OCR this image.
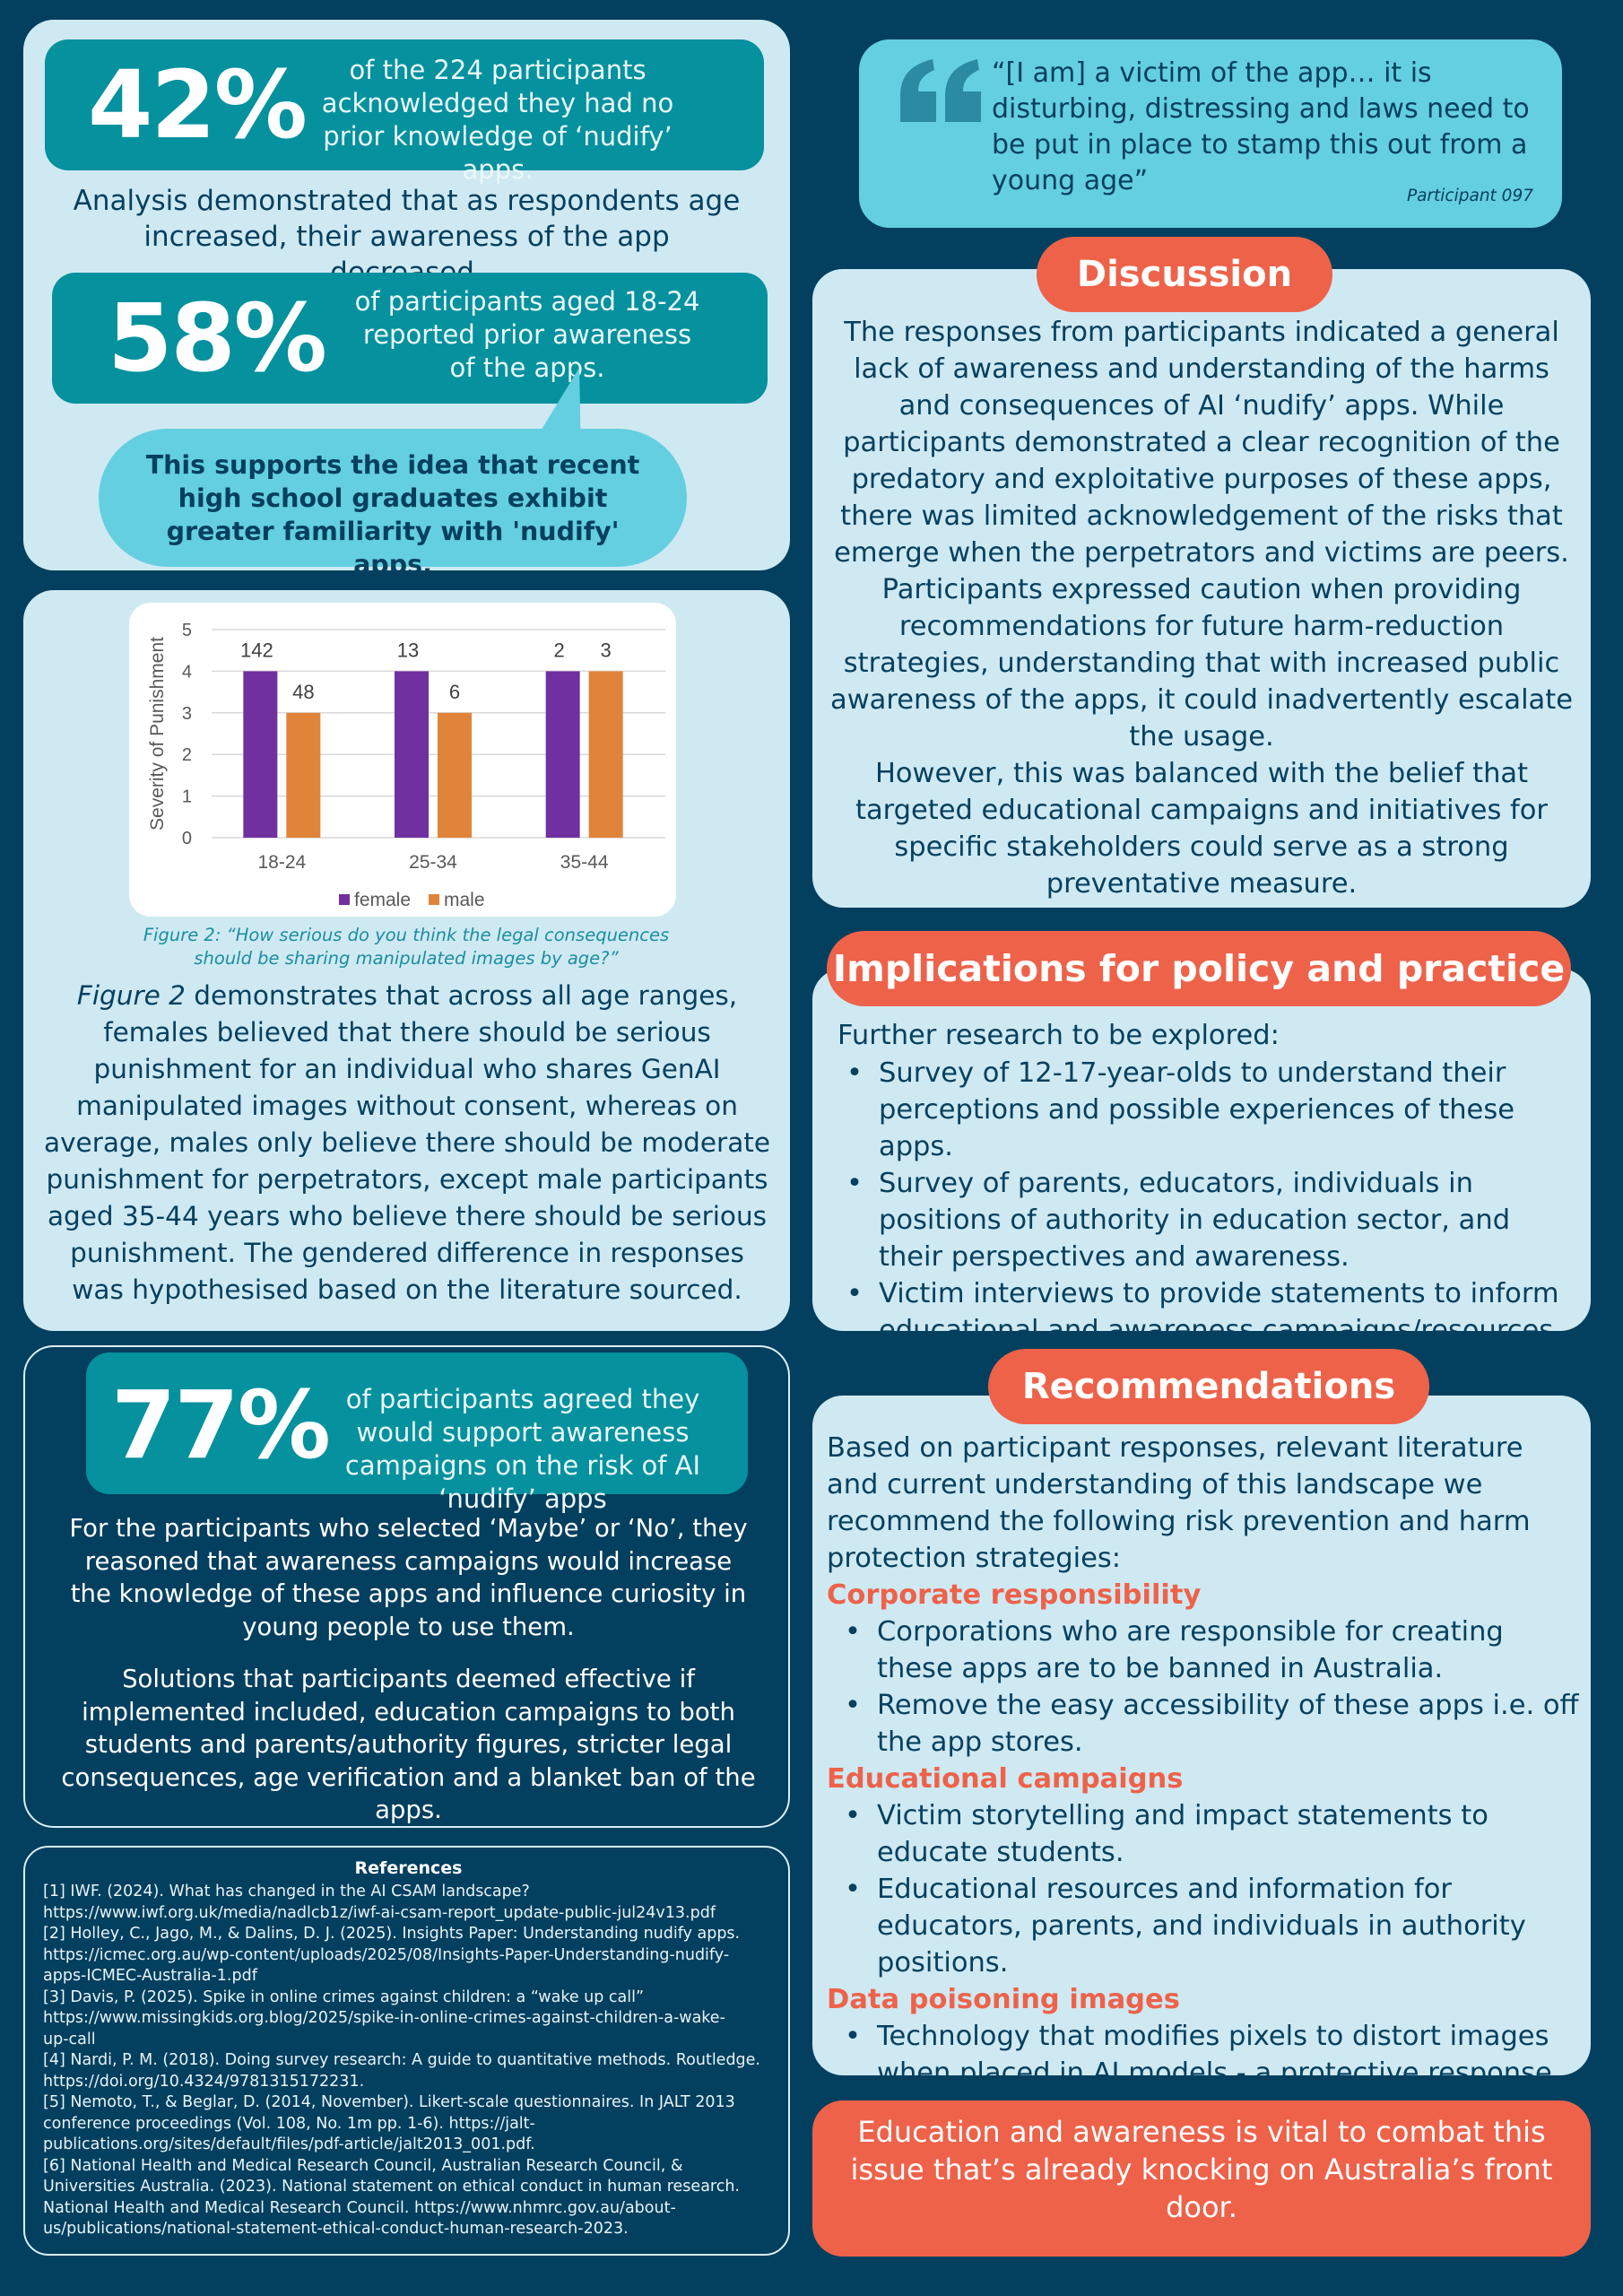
42%	of the 224 participants acknowledged they had no prior knowledge of ‘nudify’ apps.
Analysis demonstrated that as respondents age increased, their awareness of the app
58% of participants aged 18-24 reported prior awareness of the apps.
This supports the idea that recent high school graduates exhibit greater familiarity with 'nudify' apps.
0
1
2
3
4
5
Severity of Punishment	142
48
18-24
13
6
25-34
2 3
35-44
female male
Figure 2: “How serious do you think the legal consequences should be sharing manipulated images by age?”
Figure 2 demonstrates that across all age ranges, females believed that there should be serious punishment for an individual who shares GenAI manipulated images without consent, whereas on average, males only believe there should be moderate punishment for perpetrators, except male participants aged 35-44 years who believe there should be serious punishment. The gendered difference in responses was hypothesised based on the literature sourced.
77% of participants agreed they would support awareness campaigns on the risk of AI ‘nudify’ apps
For the participants who selected ‘Maybe’ or ‘No’, they reasoned that awareness campaigns would increase the knowledge of these apps and influence curiosity in young people to use them.
Solutions that participants deemed effective if implemented included, education campaigns to both students and parents/authority figures, stricter legal consequences, age verification and a blanket ban of the apps.
References
[1] IWF. (2024). What has changed in the AI CSAM landscape?
https://www.iwf.org.uk/media/nadlcb1z/iwf-ai-csam-report_update-public-jul24v13.pdf
[2] Holley, C., Jago, M., & Dalins, D. J. (2025). Insights Paper: Understanding nudify apps.
https://icmec.org.au/wp-content/uploads/2025/08/Insights-Paper-Understanding-nudify-
apps-ICMEC-Australia-1.pdf
[3] Davis, P. (2025). Spike in online crimes against children: a “wake up call”
https://www.missingkids.org.blog/2025/spike-in-online-crimes-against-children-a-wake-
up-call
[4] Nardi, P. M. (2018). Doing survey research: A guide to quantitative methods. Routledge.
https://doi.org/10.4324/9781315172231.
[5] Nemoto, T., & Beglar, D. (2014, November). Likert-scale questionnaires. In JALT 2013
conference proceedings (Vol. 108, No. 1m pp. 1-6). https://jalt-
publications.org/sites/default/files/pdf-article/jalt2013_001.pdf.
[6] National Health and Medical Research Council, Australian Research Council, &
Universities Australia. (2023). National statement on ethical conduct in human research.
National Health and Medical Research Council. https://www.nhmrc.gov.au/about-
us/publications/national-statement-ethical-conduct-human-research-2023.
“[I am] a victim of the app… it is disturbing, distressing and laws need to be put in place to stamp this out from a young age”	Participant 097
The responses from participants indicated a general lack of awareness and understanding of the harms and consequences of AI ‘nudify’ apps. While participants demonstrated a clear recognition of the predatory and exploitative purposes of these apps, there was limited acknowledgement of the risks that emerge when the perpetrators and victims are peers. Participants expressed caution when providing recommendations for future harm-reduction strategies, understanding that with increased public awareness of the apps, it could inadvertently escalate the usage.
However, this was balanced with the belief that targeted educational campaigns and initiatives for specific stakeholders could serve as a strong preventative measure.
Discussion
Further research to be explored:
• Survey of 12-17-year-olds to understand their perceptions and possible experiences of these apps.
• Survey of parents, educators, individuals in positions of authority in education sector, and their perspectives and awareness.
• Victim interviews to provide statements to inform educational and awareness campaigns/resources.
Implications for policy and practice
Based on participant responses, relevant literature and current understanding of this landscape we recommend the following risk prevention and harm protection strategies:
Corporate responsibility
• Corporations who are responsible for creating these apps are to be banned in Australia.
• Remove the easy accessibility of these apps i.e. off the app stores.
Educational campaigns
• Victim storytelling and impact statements to educate students.
• Educational resources and information for educators, parents, and individuals in authority positions.
Data poisoning images
• Technology that modifies pixels to distort images when placed in AI models - a protective response.
Recommendations
Education and awareness is vital to combat this issue that’s already knocking on Australia’s front door.
